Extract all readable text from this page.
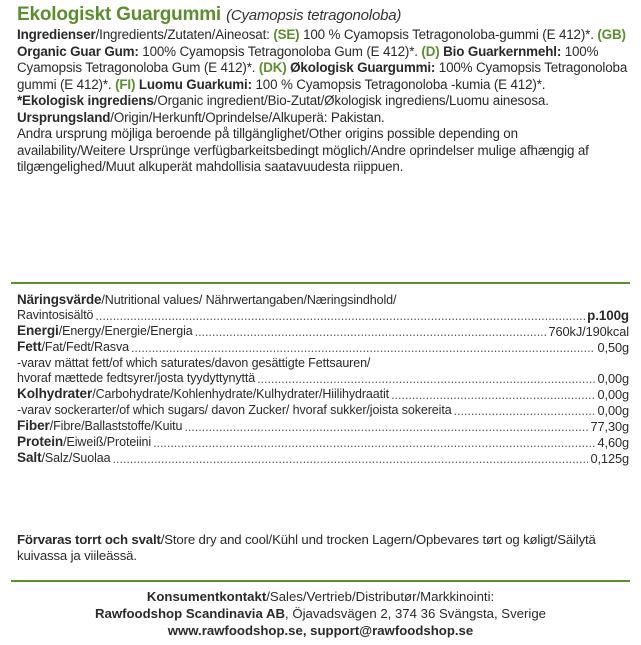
Ekologiskt Guargummi (Cyamopsis tetragonoloba)

Ingredienser/Ingredients/Zutaten/Aineosat: (SE) 100 % Cyamopsis Tetragonoloba-gummi (E 412)*. (GB) Organic Guar Gum: 100% Cyamopsis Tetragonoloba Gum (E 412)*. (D) Bio Guarkernmehl: 100% Cyamopsis Tetragonoloba Gum (E 412)*. (DK) Økologisk Guargummi: 100% Cyamopsis Tetragonoloba gummi (E 412)*. (FI) Luomu Guarkumi: 100 % Cyamopsis Tetragonoloba -kumia (E 412)*.

*Ekologisk ingrediens/Organic ingredient/Bio-Zutat/Økologisk ingrediens/Luomu ainesosa.

Ursprungsland/Origin/Herkunft/Oprindelse/Alkuperä: Pakistan.

Andra ursprung möjliga beroende på tillgänglighet/Other origins possible depending on availability/Weitere Ursprünge verfügbarkeitsbedingt möglich/Andre oprindelser mulige afhængig af tilgængelighed/Muut alkuperät mahdollisia saatavuudesta riippuen.

Näringsvärde/Nutritional values/ Nährwertangaben/Næringsindhold/
Ravintosisältö .....	p.100g
Energi/Energy/Energie/Energia .....	760kJ/190kcal
Fett/Fat/Fedt/Rasva .....	0,50g
-varav mättat fett/of which saturates/davon gesättigte Fettsauren/
hvoraf mættede fedtsyrer/josta tyydyttynyttä .....	0,00g
Kolhydrater/Carbohydrate/Kohlenhydrate/Kulhydrater/Hiilihydraatit .....	0,00g
-varav sockerarter/of which sugars/ davon Zucker/ hvoraf sukker/joista sokereita .....	0,00g
Fiber/Fibre/Ballaststoffe/Kuitu .....	77,30g
Protein/Eiweiß/Proteiini .....	4,60g
Salt/Salz/Suolaa .....	0,125g
Förvaras torrt och svalt/Store dry and cool/Kühl und trocken Lagern/Opbevares tørt og køligt/Säilytä kuivassa ja viileässä.
Konsumentkontakt/Sales/Vertrieb/Distributør/Markkinointi:
Rawfoodshop Scandinavia AB, Öjavadsvägen 2, 374 36 Svängsta, Sverige
www.rawfoodshop.se, support@rawfoodshop.se
